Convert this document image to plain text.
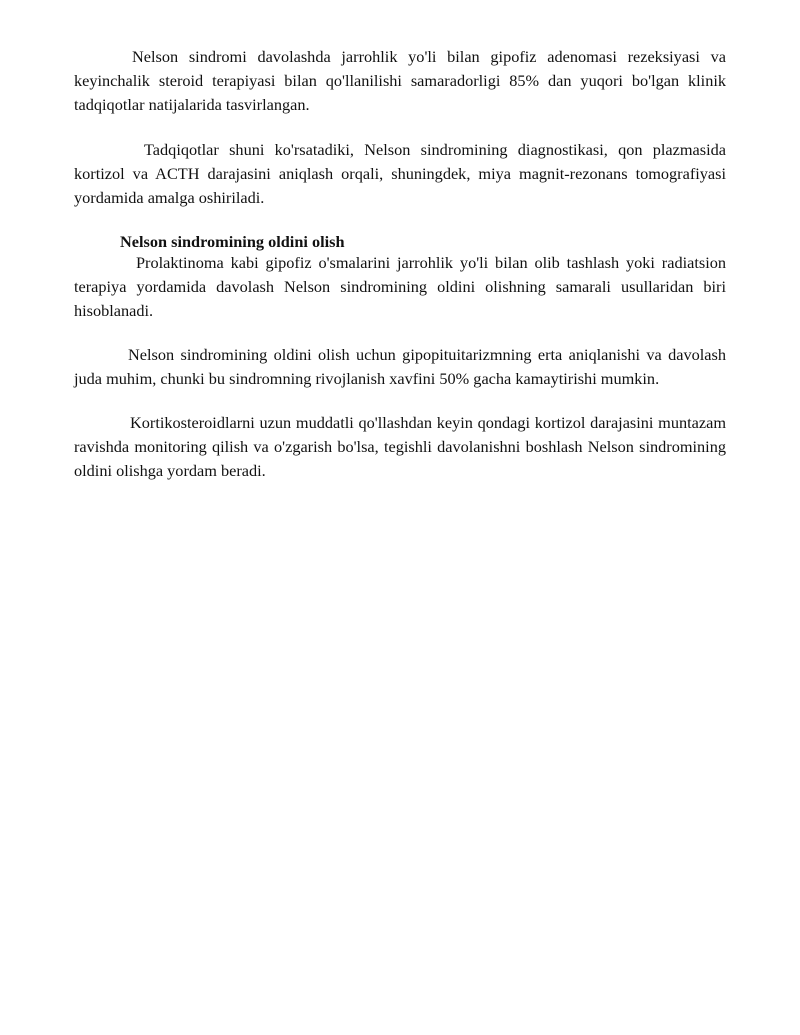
Nelson sindromi davolashda jarrohlik yo'li bilan gipofiz adenomasi rezeksiyasi va keyinchalik steroid terapiyasi bilan qo'llanilishi samaradorligi 85% dan yuqori bo'lgan klinik tadqiqotlar natijalarida tasvirlangan.

Tadqiqotlar shuni ko'rsatadiki, Nelson sindromining diagnostikasi, qon plazmasida kortizol va ACTH darajasini aniqlash orqali, shuningdek, miya magnit-rezonans tomografiyasi yordamida amalga oshiriladi.

Nelson sindromining oldini olish

Prolaktinoma kabi gipofiz o'smalarini jarrohlik yo'li bilan olib tashlash yoki radiatsion terapiya yordamida davolash Nelson sindromining oldini olishning samarali usullaridan biri hisoblanadi.

Nelson sindromining oldini olish uchun gipopituitarizmning erta aniqlanishi va davolash juda muhim, chunki bu sindromning rivojlanish xavfini 50% gacha kamaytirishi mumkin.

Kortikosteroidlarni uzun muddatli qo'llashdan keyin qondagi kortizol darajasini muntazam ravishda monitoring qilish va o'zgarish bo'lsa, tegishli davolanishni boshlash Nelson sindromining oldini olishga yordam beradi.
